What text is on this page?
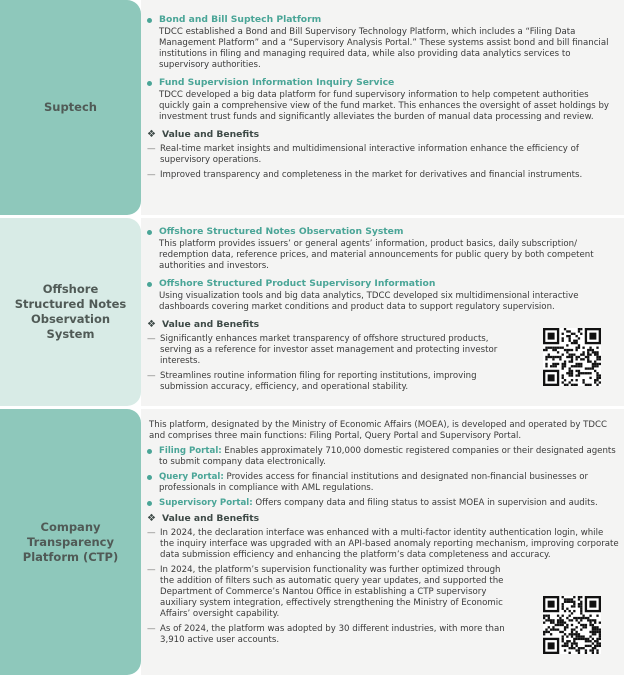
Suptech
Bond and Bill Suptech Platform
TDCC established a Bond and Bill Supervisory Technology Platform, which includes a “Filing Data Management Platform” and a “Supervisory Analysis Portal.” These systems assist bond and bill financial institutions in filing and managing required data, while also providing data analytics services to supervisory authorities.
Fund Supervision Information Inquiry Service
TDCC developed a big data platform for fund supervisory information to help competent authorities quickly gain a comprehensive view of the fund market. This enhances the oversight of asset holdings by investment trust funds and significantly alleviates the burden of manual data processing and review.
❖ Value and Benefits
— Real-time market insights and multidimensional interactive information enhance the efficiency of supervisory operations.
— Improved transparency and completeness in the market for derivatives and financial instruments.
Offshore Structured Notes Observation System
Offshore Structured Notes Observation System
This platform provides issuers’ or general agents’ information, product basics, daily subscription/ redemption data, reference prices, and material announcements for public query by both competent authorities and investors.
Offshore Structured Product Supervisory Information
Using visualization tools and big data analytics, TDCC developed six multidimensional interactive dashboards covering market conditions and product data to support regulatory supervision.
❖ Value and Benefits
— Significantly enhances market transparency of offshore structured products, serving as a reference for investor asset management and protecting investor interests.
— Streamlines routine information filing for reporting institutions, improving submission accuracy, efficiency, and operational stability.
Company Transparency Platform (CTP)
This platform, designated by the Ministry of Economic Affairs (MOEA), is developed and operated by TDCC and comprises three main functions: Filing Portal, Query Portal and Supervisory Portal.
Filing Portal: Enables approximately 710,000 domestic registered companies or their designated agents to submit company data electronically.
Query Portal: Provides access for financial institutions and designated non-financial businesses or professionals in compliance with AML regulations.
Supervisory Portal: Offers company data and filing status to assist MOEA in supervision and audits.
❖ Value and Benefits
— In 2024, the declaration interface was enhanced with a multi-factor identity authentication login, while the inquiry interface was upgraded with an API-based anomaly reporting mechanism, improving corporate data submission efficiency and enhancing the platform’s data completeness and accuracy.
— In 2024, the platform’s supervision functionality was further optimized through the addition of filters such as automatic query year updates, and supported the Department of Commerce’s Nantou Office in establishing a CTP supervisory auxiliary system integration, effectively strengthening the Ministry of Economic Affairs’ oversight capability.
— As of 2024, the platform was adopted by 30 different industries, with more than 3,910 active user accounts.
